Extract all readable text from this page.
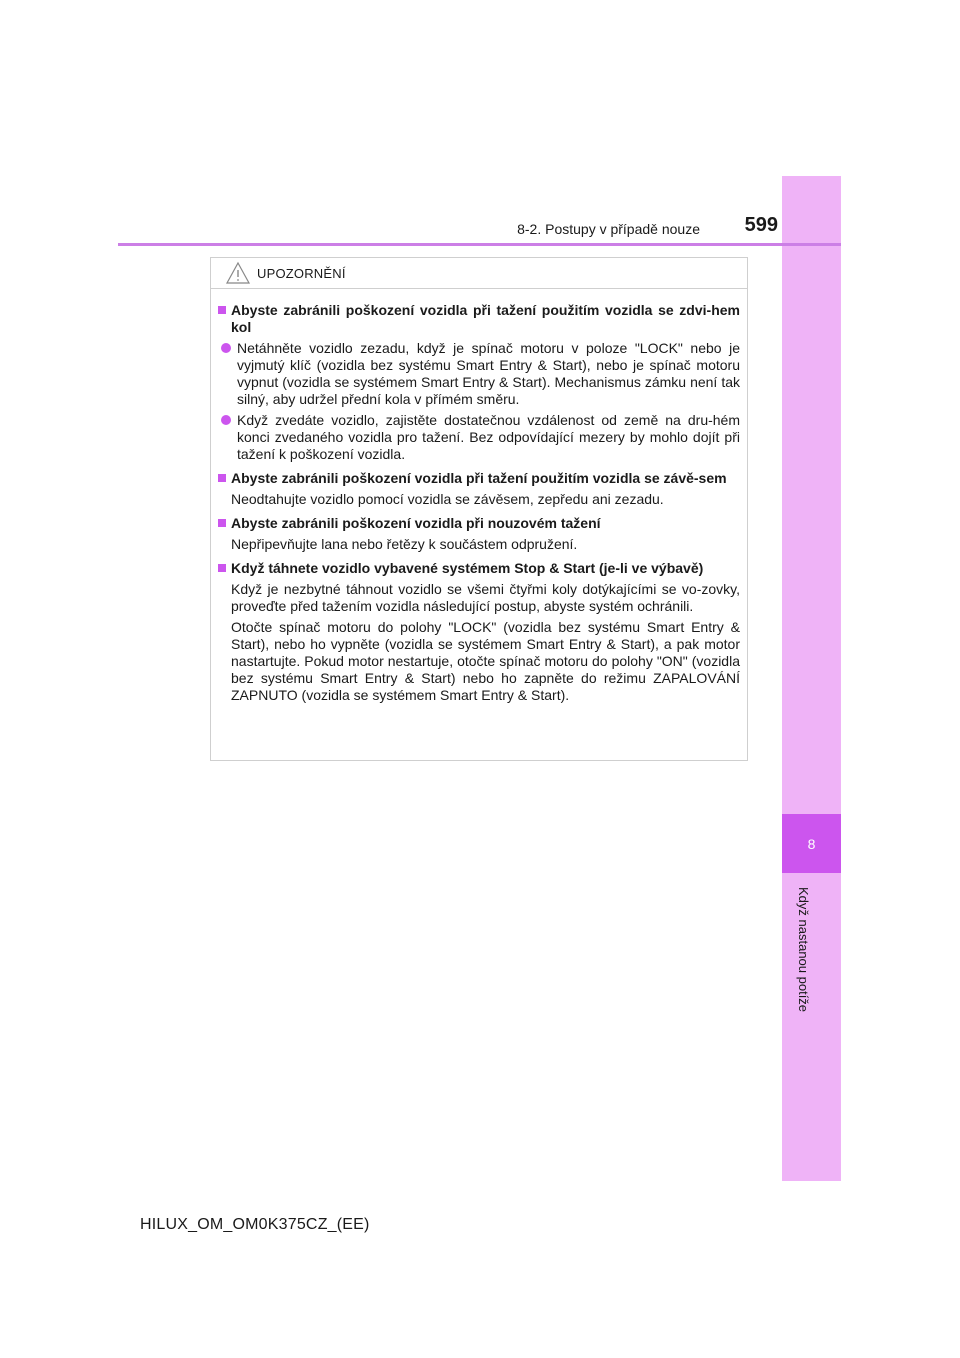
8
Když nastanou potíže
8-2. Postupy v případě nouze	599
UPOZORNĚNÍ
Abyste zabránili poškození vozidla při tažení použitím vozidla se zdvi-hem kol
Netáhněte vozidlo zezadu, když je spínač motoru v poloze "LOCK" nebo je vyjmutý klíč (vozidla bez systému Smart Entry & Start), nebo je spínač motoru vypnut (vozidla se systémem Smart Entry & Start). Mechanismus zámku není tak silný, aby udržel přední kola v přímém směru.
Když zvedáte vozidlo, zajistěte dostatečnou vzdálenost od země na dru-hém konci zvedaného vozidla pro tažení. Bez odpovídající mezery by mohlo dojít při tažení k poškození vozidla.
Abyste zabránili poškození vozidla při tažení použitím vozidla se závě-sem
Neodtahujte vozidlo pomocí vozidla se závěsem, zepředu ani zezadu.
Abyste zabránili poškození vozidla při nouzovém tažení
Nepřipevňujte lana nebo řetězy k součástem odpružení.
Když táhnete vozidlo vybavené systémem Stop & Start (je-li ve výbavě)
Když je nezbytné táhnout vozidlo se všemi čtyřmi koly dotýkajícími se vo-zovky, proveďte před tažením vozidla následující postup, abyste systém ochránili.
Otočte spínač motoru do polohy "LOCK" (vozidla bez systému Smart Entry & Start), nebo ho vypněte (vozidla se systémem Smart Entry & Start), a pak motor nastartujte. Pokud motor nestartuje, otočte spínač motoru do polohy "ON" (vozidla bez systému Smart Entry & Start) nebo ho zapněte do režimu ZAPALOVÁNÍ ZAPNUTO (vozidla se systémem Smart Entry & Start).
HILUX_OM_OM0K375CZ_(EE)
